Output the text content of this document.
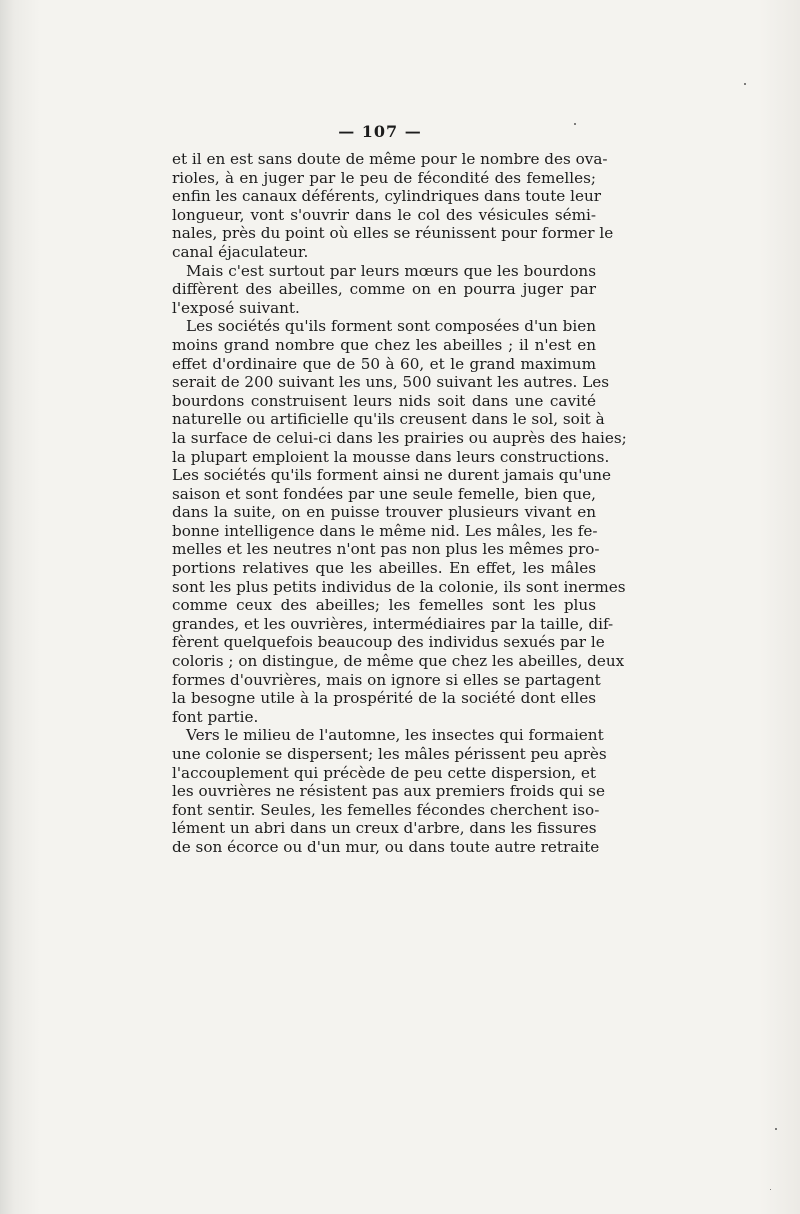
— 107 —
et il en est sans doute de même pour le nombre des ova-
rioles, à en juger par le peu de fécondité des femelles;
enfin les canaux déférents, cylindriques dans toute leur
longueur, vont s'ouvrir dans le col des vésicules sémi-
nales, près du point où elles se réunissent pour former le
canal éjaculateur.
Mais c'est surtout par leurs mœurs que les bourdons
diffèrent des abeilles, comme on en pourra juger par
l'exposé suivant.
Les sociétés qu'ils forment sont composées d'un bien
moins grand nombre que chez les abeilles ; il n'est en
effet d'ordinaire que de 50 à 60, et le grand maximum
serait de 200 suivant les uns, 500 suivant les autres. Les
bourdons construisent leurs nids soit dans une cavité
naturelle ou artificielle qu'ils creusent dans le sol, soit à
la surface de celui-ci dans les prairies ou auprès des haies;
la plupart emploient la mousse dans leurs constructions.
Les sociétés qu'ils forment ainsi ne durent jamais qu'une
saison et sont fondées par une seule femelle, bien que,
dans la suite, on en puisse trouver plusieurs vivant en
bonne intelligence dans le même nid. Les mâles, les fe-
melles et les neutres n'ont pas non plus les mêmes pro-
portions relatives que les abeilles. En effet, les mâles
sont les plus petits individus de la colonie, ils sont inermes
comme ceux des abeilles; les femelles sont les plus
grandes, et les ouvrières, intermédiaires par la taille, dif-
fèrent quelquefois beaucoup des individus sexués par le
coloris ; on distingue, de même que chez les abeilles, deux
formes d'ouvrières, mais on ignore si elles se partagent
la besogne utile à la prospérité de la société dont elles
font partie.
Vers le milieu de l'automne, les insectes qui formaient
une colonie se dispersent; les mâles périssent peu après
l'accouplement qui précède de peu cette dispersion, et
les ouvrières ne résistent pas aux premiers froids qui se
font sentir. Seules, les femelles fécondes cherchent iso-
lément un abri dans un creux d'arbre, dans les fissures
de son écorce ou d'un mur, ou dans toute autre retraite
